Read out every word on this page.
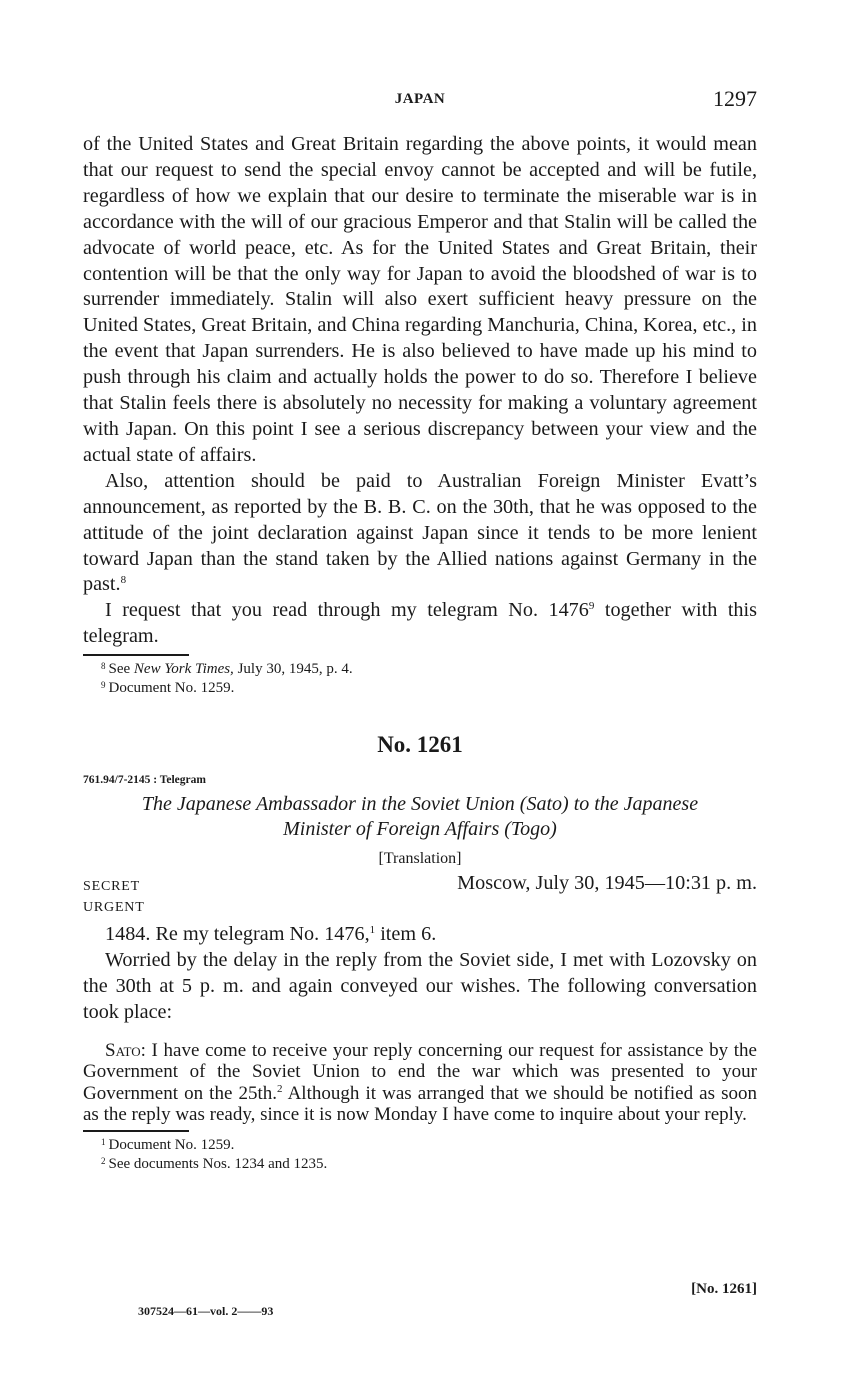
JAPAN	1297

of the United States and Great Britain regarding the above points, it would mean that our request to send the special envoy cannot be accepted and will be futile, regardless of how we explain that our desire to terminate the miserable war is in accordance with the will of our gracious Emperor and that Stalin will be called the advocate of world peace, etc. As for the United States and Great Britain, their contention will be that the only way for Japan to avoid the bloodshed of war is to surrender immediately. Stalin will also exert sufficient heavy pressure on the United States, Great Britain, and China regarding Manchuria, China, Korea, etc., in the event that Japan surrenders. He is also believed to have made up his mind to push through his claim and actually holds the power to do so. Therefore I believe that Stalin feels there is absolutely no necessity for making a voluntary agreement with Japan. On this point I see a serious discrepancy between your view and the actual state of affairs.

Also, attention should be paid to Australian Foreign Minister Evatt’s announcement, as reported by the B. B. C. on the 30th, that he was opposed to the attitude of the joint declaration against Japan since it tends to be more lenient toward Japan than the stand taken by the Allied nations against Germany in the past.$^8$

I request that you read through my telegram No. 1476$^9$ together with this telegram.

$^8$ See New York Times, July 30, 1945, p. 4.
$^9$ Document No. 1259.
No. 1261
761.94/7-2145 : Telegram
The Japanese Ambassador in the Soviet Union (Sato) to the Japanese
Minister of Foreign Affairs (Togo)
[Translation]
SECRET	Moscow, July 30, 1945—10:31 p. m.
URGENT

1484. Re my telegram No. 1476,$^1$ item 6.

Worried by the delay in the reply from the Soviet side, I met with Lozovsky on the 30th at 5 p. m. and again conveyed our wishes. The following conversation took place:

Sato: I have come to receive your reply concerning our request for assistance by the Government of the Soviet Union to end the war which was presented to your Government on the 25th.$^2$ Although it was arranged that we should be notified as soon as the reply was ready, since it is now Monday I have come to inquire about your reply.

$^1$ Document No. 1259.
$^2$ See documents Nos. 1234 and 1235.
[No. 1261]
307524—61—vol. 2——93
